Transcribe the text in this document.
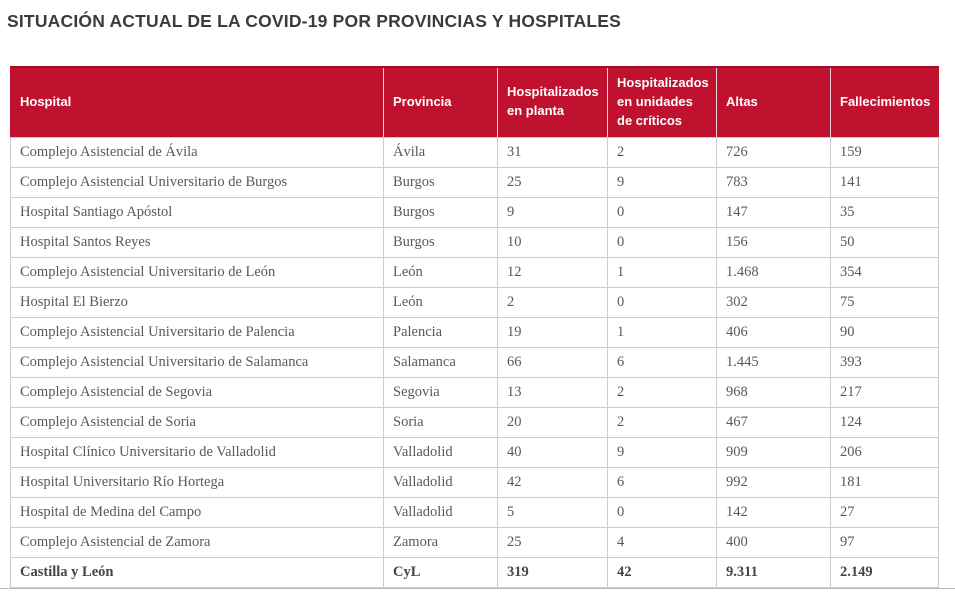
SITUACIÓN ACTUAL DE LA COVID-19 POR PROVINCIAS Y HOSPITALES
Hospital	Provincia	Hospitalizados en planta	Hospitalizados en unidades de críticos	Altas	Fallecimientos
Complejo Asistencial de Ávila	Ávila	31	2	726	159
Complejo Asistencial Universitario de Burgos	Burgos	25	9	783	141
Hospital Santiago Apóstol	Burgos	9	0	147	35
Hospital Santos Reyes	Burgos	10	0	156	50
Complejo Asistencial Universitario de León	León	12	1	1.468	354
Hospital El Bierzo	León	2	0	302	75
Complejo Asistencial Universitario de Palencia	Palencia	19	1	406	90
Complejo Asistencial Universitario de Salamanca	Salamanca	66	6	1.445	393
Complejo Asistencial de Segovia	Segovia	13	2	968	217
Complejo Asistencial de Soria	Soria	20	2	467	124
Hospital Clínico Universitario de Valladolid	Valladolid	40	9	909	206
Hospital Universitario Río Hortega	Valladolid	42	6	992	181
Hospital de Medina del Campo	Valladolid	5	0	142	27
Complejo Asistencial de Zamora	Zamora	25	4	400	97
Castilla y León	CyL	319	42	9.311	2.149
